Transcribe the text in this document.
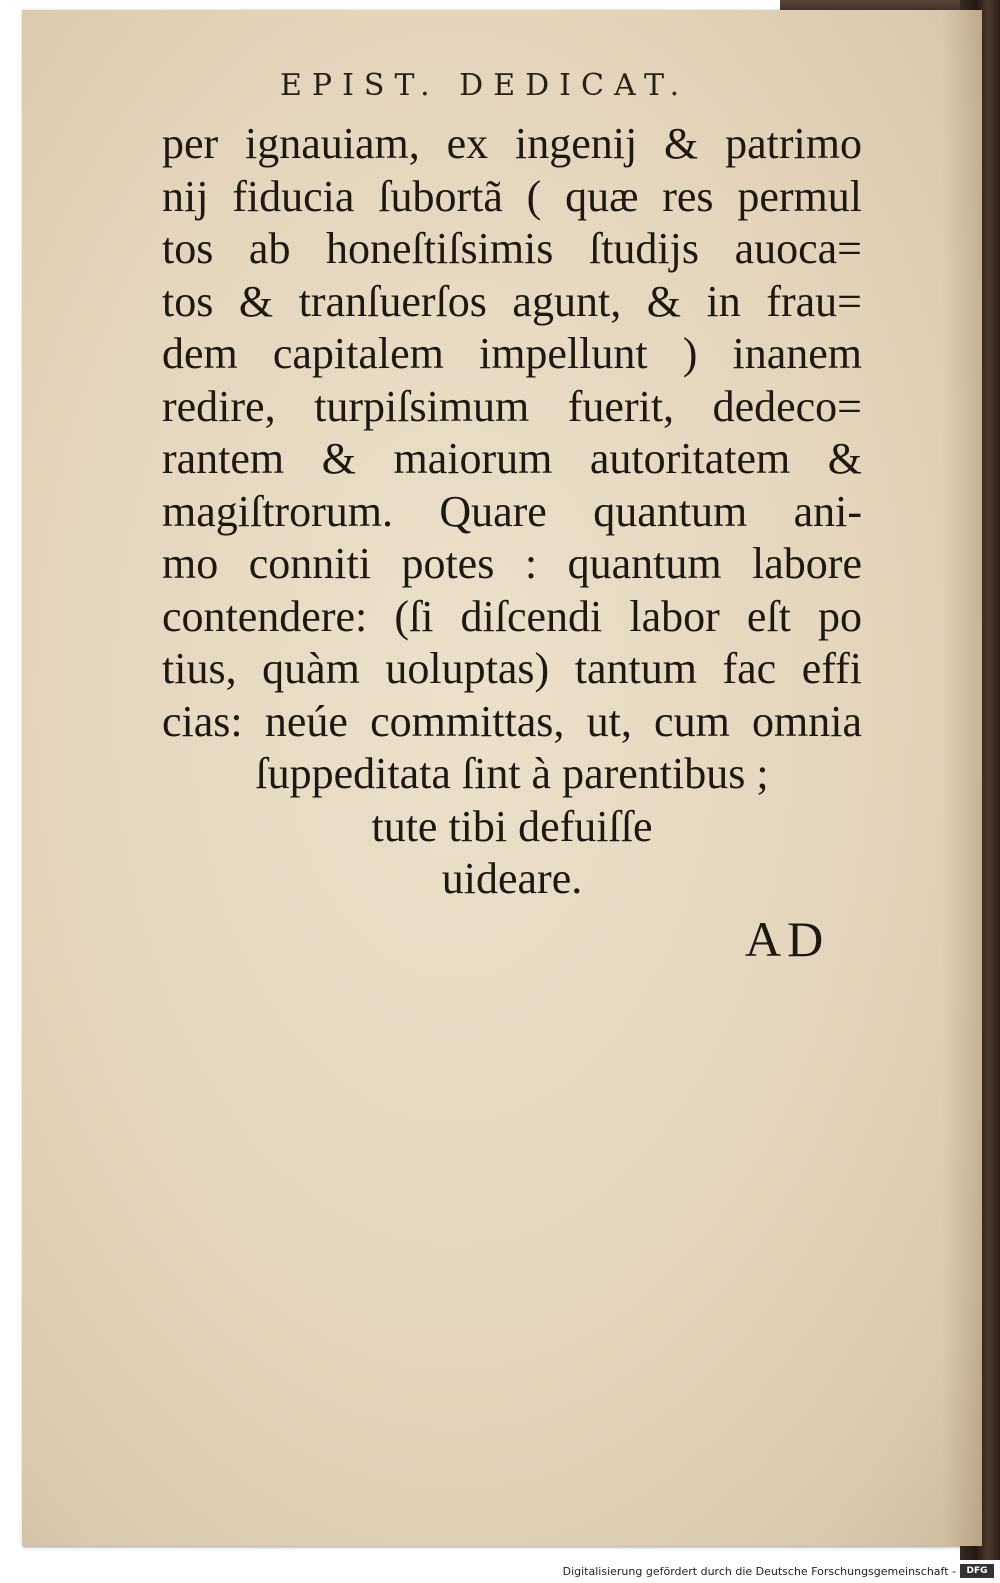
EPIST. DEDICAT.
per ignauiam, ex ingenij & patrimo
nij fiducia ſubortã ( quæ res permul
tos ab honeſtiſsimis ſtudijs auoca=
tos & tranſuerſos agunt, & in frau=
dem capitalem impellunt ) inanem
redire, turpiſsimum fuerit, dedeco=
rantem & maiorum autoritatem &
magiſtrorum. Quare quantum ani-
mo conniti potes : quantum labore
contendere: (ſi diſcendi labor eſt po
tius, quàm uoluptas) tantum fac effi
cias: neúe committas, ut, cum omnia
ſuppeditata ſint à parentibus ;
tute tibi defuiſſe
uideare.
AD
Digitalisierung gefördert durch die Deutsche Forschungsgemeinschaft -	DFG
